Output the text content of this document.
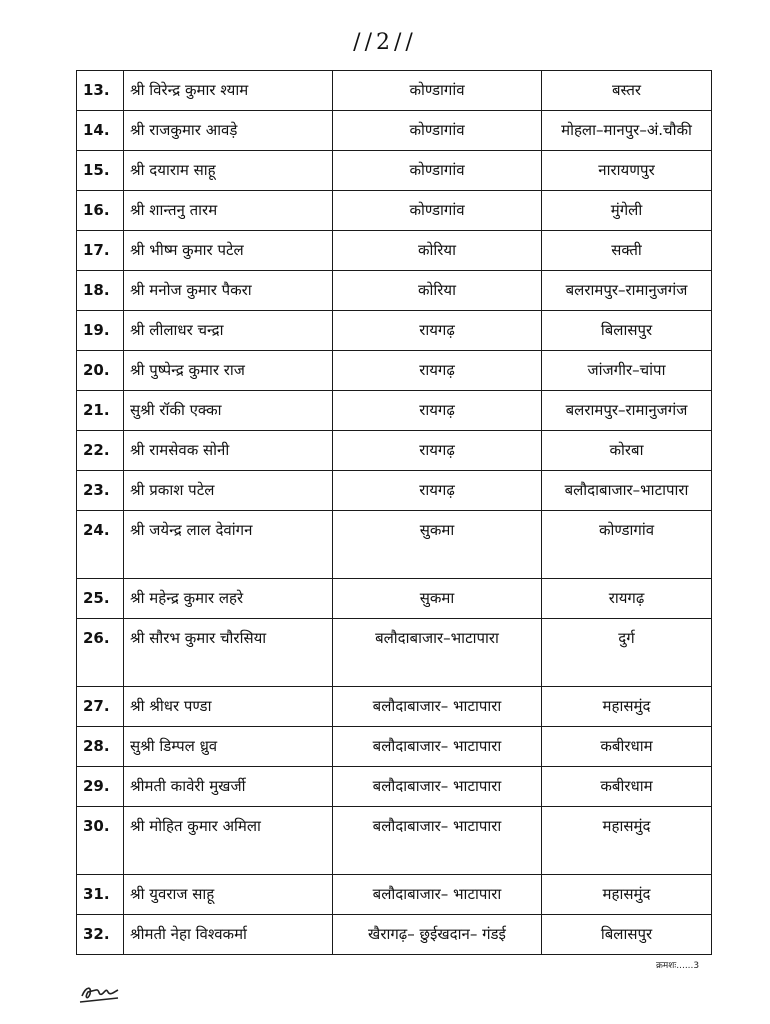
//2//
13.	श्री विरेन्द्र कुमार श्याम	कोण्डागांव	बस्तर
14.	श्री राजकुमार आवड़े	कोण्डागांव	मोहला–मानपुर–अं.चौकी
15.	श्री दयाराम साहू	कोण्डागांव	नारायणपुर
16.	श्री शान्तनु तारम	कोण्डागांव	मुंगेली
17.	श्री भीष्म कुमार पटेल	कोरिया	सक्ती
18.	श्री मनोज कुमार पैकरा	कोरिया	बलरामपुर–रामानुजगंज
19.	श्री लीलाधर चन्द्रा	रायगढ़	बिलासपुर
20.	श्री पुष्पेन्द्र कुमार राज	रायगढ़	जांजगीर–चांपा
21.	सुश्री रॉकी एक्का	रायगढ़	बलरामपुर–रामानुजगंज
22.	श्री रामसेवक सोनी	रायगढ़	कोरबा
23.	श्री प्रकाश पटेल	रायगढ़	बलौदाबाजार–भाटापारा
24.	श्री जयेन्द्र लाल देवांगन	सुकमा	कोण्डागांव
25.	श्री महेन्द्र कुमार लहरे	सुकमा	रायगढ़
26.	श्री सौरभ कुमार चौरसिया	बलौदाबाजार–भाटापारा	दुर्ग
27.	श्री श्रीधर पण्डा	बलौदाबाजार– भाटापारा	महासमुंद
28.	सुश्री डिम्पल ध्रुव	बलौदाबाजार– भाटापारा	कबीरधाम
29.	श्रीमती कावेरी मुखर्जी	बलौदाबाजार– भाटापारा	कबीरधाम
30.	श्री मोहित कुमार अमिला	बलौदाबाजार– भाटापारा	महासमुंद
31.	श्री युवराज साहू	बलौदाबाजार– भाटापारा	महासमुंद
32.	श्रीमती नेहा विश्वकर्मा	खैरागढ़– छुईखदान– गंडई	बिलासपुर
क्रमशः......3
